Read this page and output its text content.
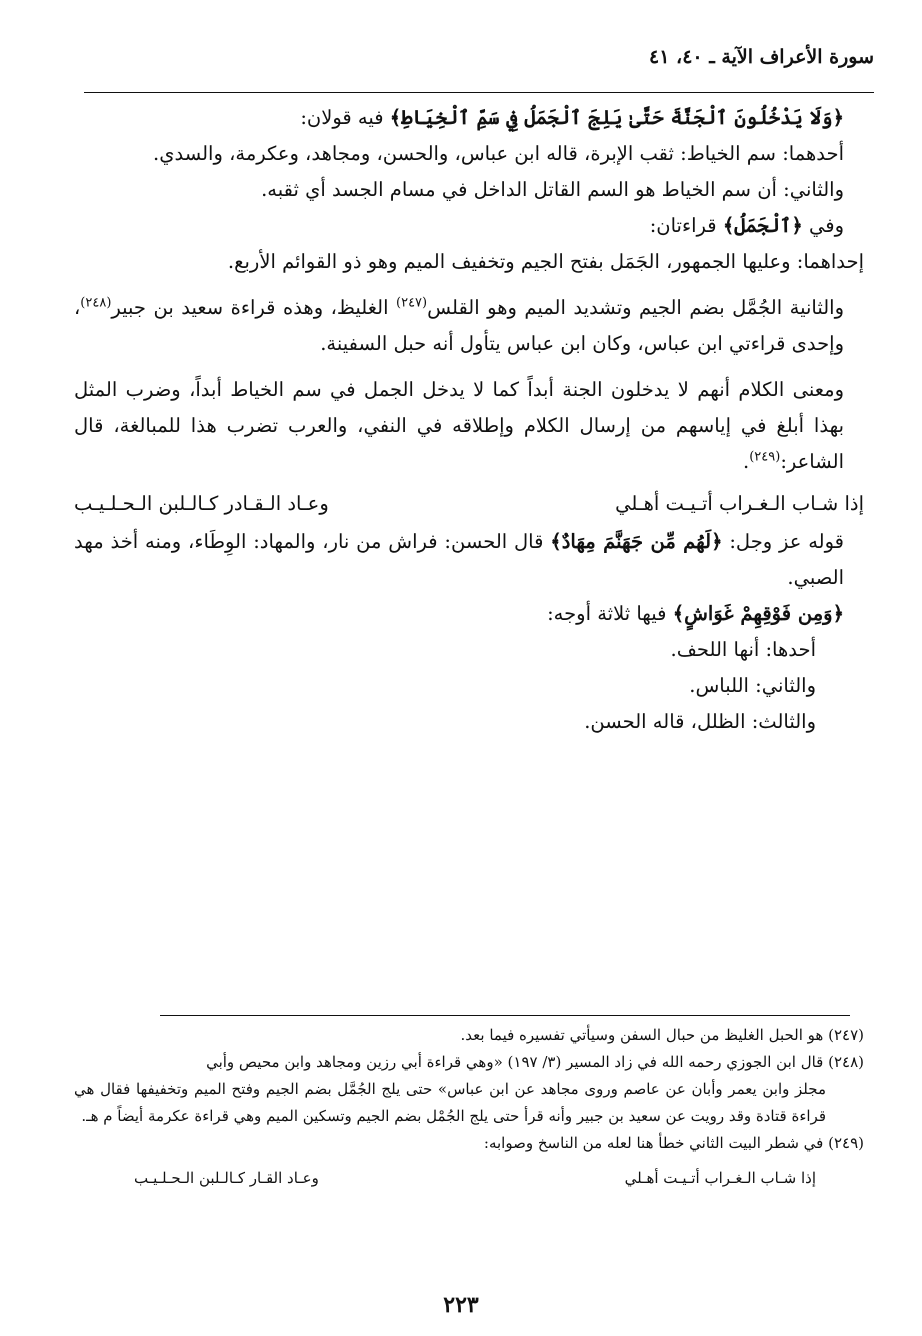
سورة الأعراف الآية ـ ٤٠، ٤١

﴿وَلَا يَدْخُلُونَ ٱلْجَنَّةَ حَتَّىٰ يَلِجَ ٱلْجَمَلُ فِي سَمِّ ٱلْخِيَاطِ﴾ فيه قولان:

أحدهما: سم الخياط: ثقب الإبرة، قاله ابن عباس، والحسن، ومجاهد، وعكرمة، والسدي.

والثاني: أن سم الخياط هو السم القاتل الداخل في مسام الجسد أي ثقبه.

وفي ﴿ٱلْجَمَلُ﴾ قراءتان:

إحداهما: وعليها الجمهور، الجَمَل بفتح الجيم وتخفيف الميم وهو ذو القوائم الأربع.

والثانية الجُمَّل بضم الجيم وتشديد الميم وهو القلس$^{(٢٤٧)}$ الغليظ، وهذه قراءة سعيد بن جبير$^{(٢٤٨)}$، وإحدى قراءتي ابن عباس، وكان ابن عباس يتأول أنه حبل السفينة.

ومعنى الكلام أنهم لا يدخلون الجنة أبداً كما لا يدخل الجمل في سم الخياط أبداً، وضرب المثل بهذا أبلغ في إياسهم من إرسال الكلام وإطلاقه في النفي، والعرب تضرب هذا للمبالغة، قال الشاعر:$^{(٢٤٩)}$.

إذا شـاب الـغـراب أتـيـت أهـلي
وعـاد الـقـادر كـالـلبن الـحـلـيـب

قوله عز وجل: ﴿لَهُم مِّن جَهَنَّمَ مِهَادٌ﴾ قال الحسن: فراش من نار، والمهاد: الوِطَاء، ومنه أخذ مهد الصبي.

﴿وَمِن فَوْقِهِمْ غَوَاشٍ﴾ فيها ثلاثة أوجه:

أحدها: أنها اللحف.

والثاني: اللباس.

والثالث: الظلل، قاله الحسن.

(٢٤٧) هو الحبل الغليظ من حبال السفن وسيأتي تفسيره فيما بعد.

(٢٤٨) قال ابن الجوزي رحمه الله في زاد المسير (٣/ ١٩٧) «وهي قراءة أبي رزين ومجاهد وابن محيص وأبي

مجلز وابن يعمر وأبان عن عاصم وروى مجاهد عن ابن عباس» حتى يلج الجُمَّل بضم الجيم وفتح الميم وتخفيفها فقال هي قراءة قتادة وقد رويت عن سعيد بن جبير وأنه قرأ حتى يلج الجُمْل بضم الجيم وتسكين الميم وهي قراءة عكرمة أيضاً م هـ.

(٢٤٩) في شطر البيت الثاني خطأ هنا لعله من الناسخ وصوابه:

إذا شـاب الـغـراب أتـيـت أهـلي
وعـاد القـار كـالـلبن الـحـلـيـب
٢٢٣
